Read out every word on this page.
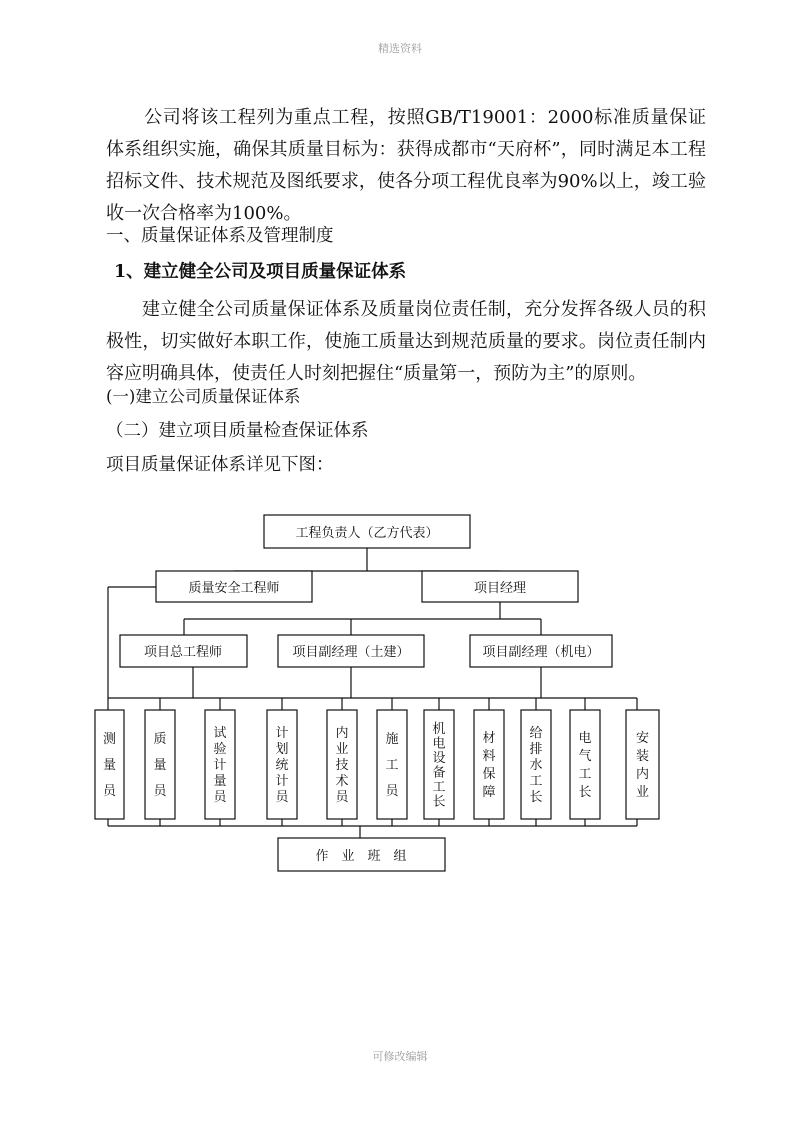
精选资料

公司将该工程列为重点工程，按照GB/T19001：2000标准质量保证体系组织实施，确保其质量目标为：获得成都市“天府杯”，同时满足本工程招标文件、技术规范及图纸要求，使各分项工程优良率为90%以上，竣工验收一次合格率为100%。

一、质量保证体系及管理制度

1、建立健全公司及项目质量保证体系

建立健全公司质量保证体系及质量岗位责任制，充分发挥各级人员的积极性，切实做好本职工作，使施工质量达到规范质量的要求。岗位责任制内容应明确具体，使责任人时刻把握住“质量第一，预防为主”的原则。

(一)建立公司质量保证体系

（二）建立项目质量检查保证体系

项目质量保证体系详见下图：

工程负责人（乙方代表）
质量安全工程师	项目经理
项目总工程师	项目副经理（土建）	项目副经理（机电）
测
量
员
质
量
员
试
验
计
量
员
计
划
统
计
员
内
业
技
术
员
施
工
员
机
电
设
备
工
长
材
料
保
障
给
排
水
工
长
电
气
工
长
安
装
内
业
作　业　班　组
可修改编辑
